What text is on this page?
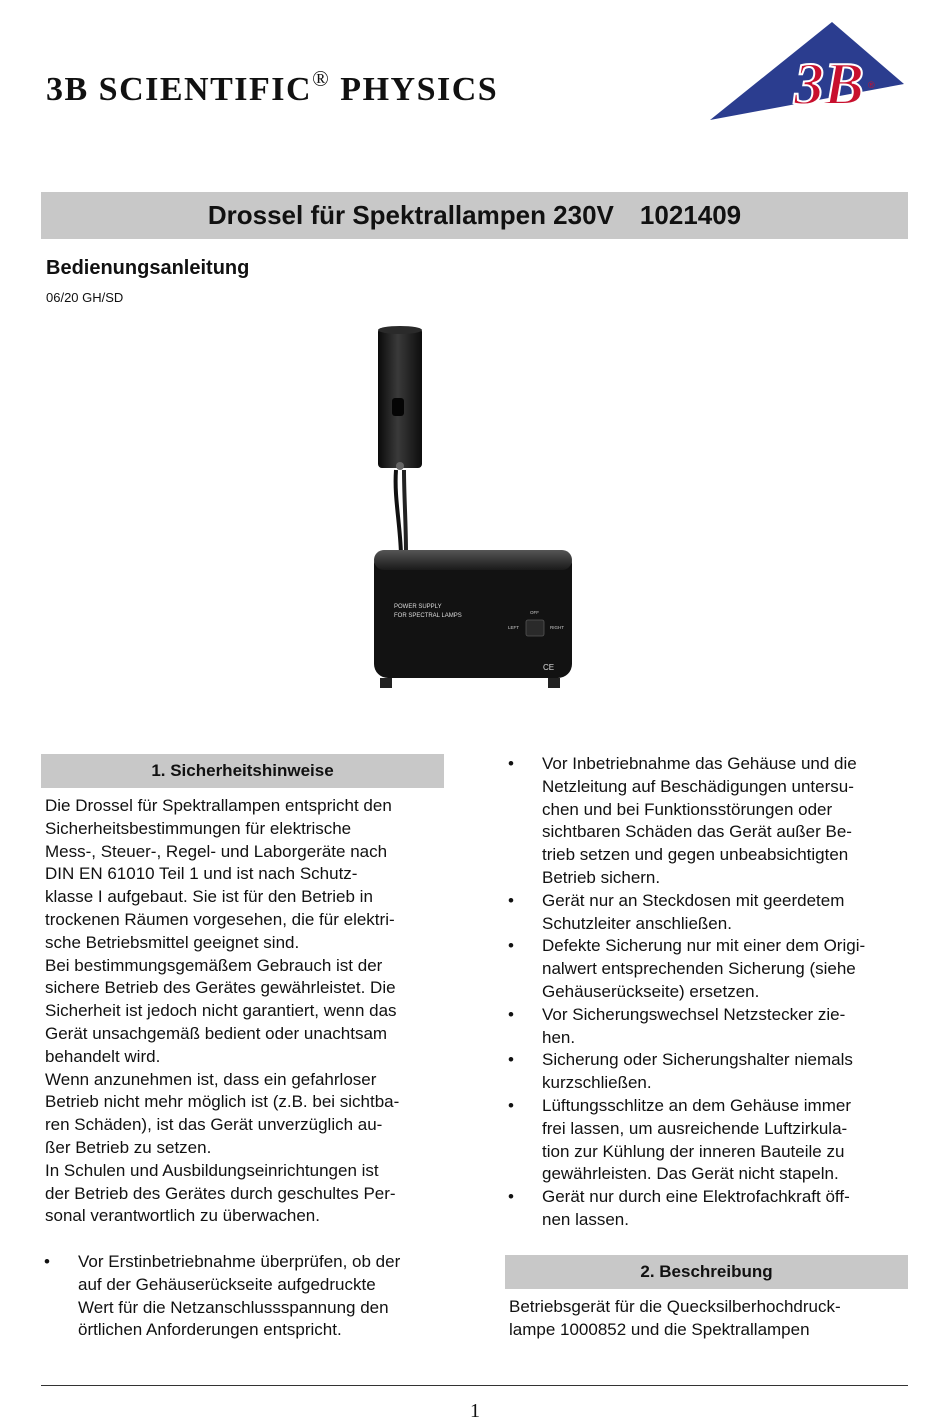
3B SCIENTIFIC® PHYSICS	3B ®
Drossel für Spektrallampen 230V 1021409
Bedienungsanleitung
06/20 GH/SD
POWER SUPPLY
FOR SPECTRAL LAMPS
OFF
LEFT	RIGHT
CE
1. Sicherheitshinweise
Die Drossel für Spektrallampen entspricht den
Sicherheitsbestimmungen für elektrische
Mess-, Steuer-, Regel- und Laborgeräte nach
DIN EN 61010 Teil 1 und ist nach Schutz-
klasse I aufgebaut. Sie ist für den Betrieb in
trockenen Räumen vorgesehen, die für elektri-
sche Betriebsmittel geeignet sind.
Bei bestimmungsgemäßem Gebrauch ist der
sichere Betrieb des Gerätes gewährleistet. Die
Sicherheit ist jedoch nicht garantiert, wenn das
Gerät unsachgemäß bedient oder unachtsam
behandelt wird.
Wenn anzunehmen ist, dass ein gefahrloser
Betrieb nicht mehr möglich ist (z.B. bei sichtba-
ren Schäden), ist das Gerät unverzüglich au-
ßer Betrieb zu setzen.
In Schulen und Ausbildungseinrichtungen ist
der Betrieb des Gerätes durch geschultes Per-
sonal verantwortlich zu überwachen.
• Vor Erstinbetriebnahme überprüfen, ob der
auf der Gehäuserückseite aufgedruckte
Wert für die Netzanschlussspannung den
örtlichen Anforderungen entspricht.
• Vor Inbetriebnahme das Gehäuse und die
Netzleitung auf Beschädigungen untersu-
chen und bei Funktionsstörungen oder
sichtbaren Schäden das Gerät außer Be-
trieb setzen und gegen unbeabsichtigten
Betrieb sichern.
• Gerät nur an Steckdosen mit geerdetem
Schutzleiter anschließen.
• Defekte Sicherung nur mit einer dem Origi-
nalwert entsprechenden Sicherung (siehe
Gehäuserückseite) ersetzen.
• Vor Sicherungswechsel Netzstecker zie-
hen.
• Sicherung oder Sicherungshalter niemals
kurzschließen.
• Lüftungsschlitze an dem Gehäuse immer
frei lassen, um ausreichende Luftzirkula-
tion zur Kühlung der inneren Bauteile zu
gewährleisten. Das Gerät nicht stapeln.
• Gerät nur durch eine Elektrofachkraft öff-
nen lassen.
2. Beschreibung
Betriebsgerät für die Quecksilberhochdruck-
lampe 1000852 und die Spektrallampen
1
